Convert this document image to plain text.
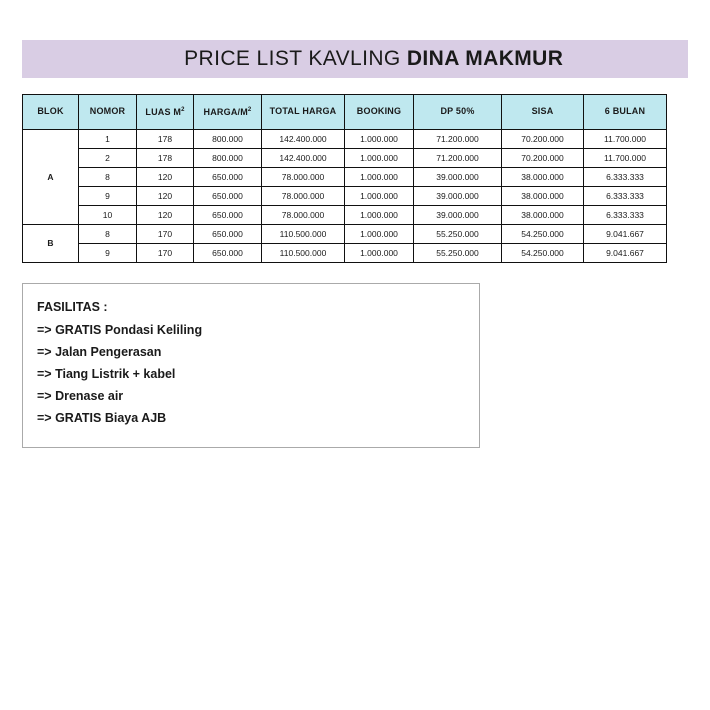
PRICE LIST KAVLING DINA MAKMUR

BLOK	NOMOR	LUAS $M^2$	HARGA/$M^2$	TOTAL HARGA	BOOKING	DP 50%	SISA	6 BULAN
A	1	178	800.000	142.400.000	1.000.000	71.200.000	70.200.000	11.700.000
	2	178	800.000	142.400.000	1.000.000	71.200.000	70.200.000	11.700.000
	8	120	650.000	78.000.000	1.000.000	39.000.000	38.000.000	6.333.333
	9	120	650.000	78.000.000	1.000.000	39.000.000	38.000.000	6.333.333
	10	120	650.000	78.000.000	1.000.000	39.000.000	38.000.000	6.333.333
B	8	170	650.000	110.500.000	1.000.000	55.250.000	54.250.000	9.041.667
	9	170	650.000	110.500.000	1.000.000	55.250.000	54.250.000	9.041.667
FASILITAS :
=> GRATIS Pondasi Keliling
=> Jalan Pengerasan
=> Tiang Listrik + kabel
=> Drenase air
=> GRATIS Biaya AJB
